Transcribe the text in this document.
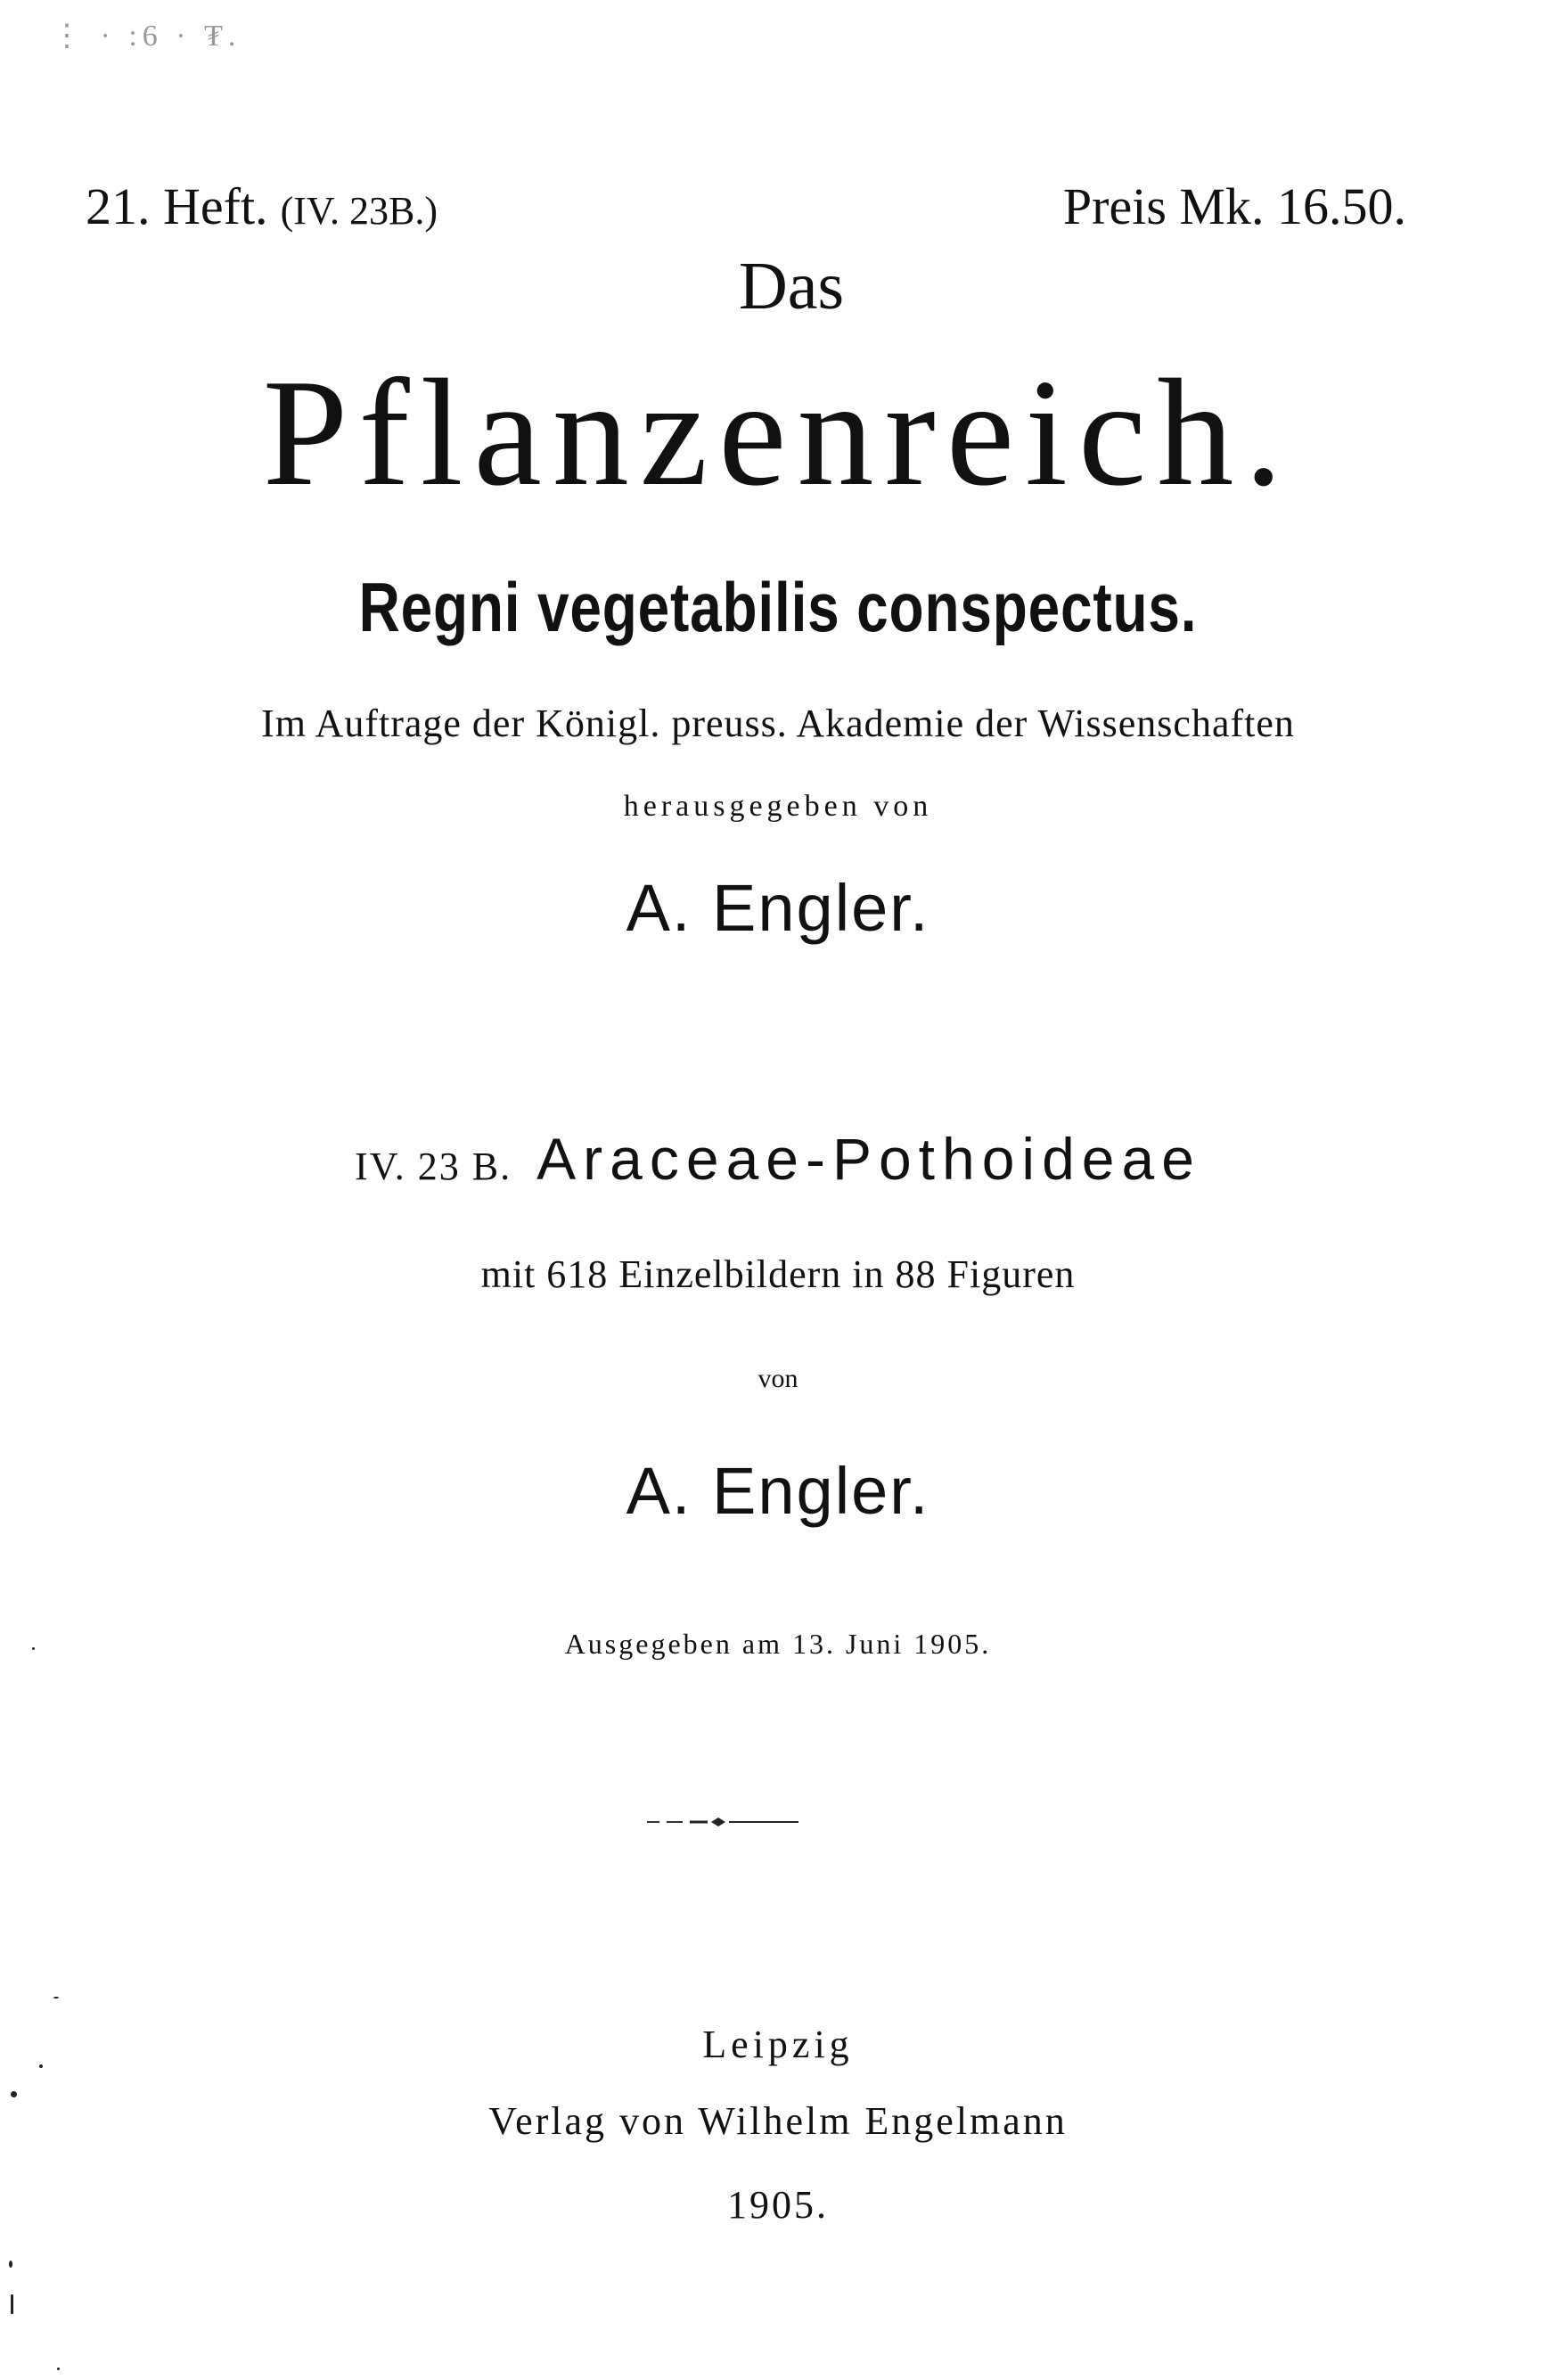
⋮ · :6 · ₮.
21. Heft. (IV. 23B.)	Preis Mk. 16.50.
Das
Pflanzenreich.
Regni vegetabilis conspectus.
Im Auftrage der Königl. preuss. Akademie der Wissenschaften
herausgegeben von
A. Engler.
IV. 23 B. Araceae-Pothoideae
mit 618 Einzelbildern in 88 Figuren
von
A. Engler.
Ausgegeben am 13. Juni 1905.
Leipzig
Verlag von Wilhelm Engelmann
1905.
